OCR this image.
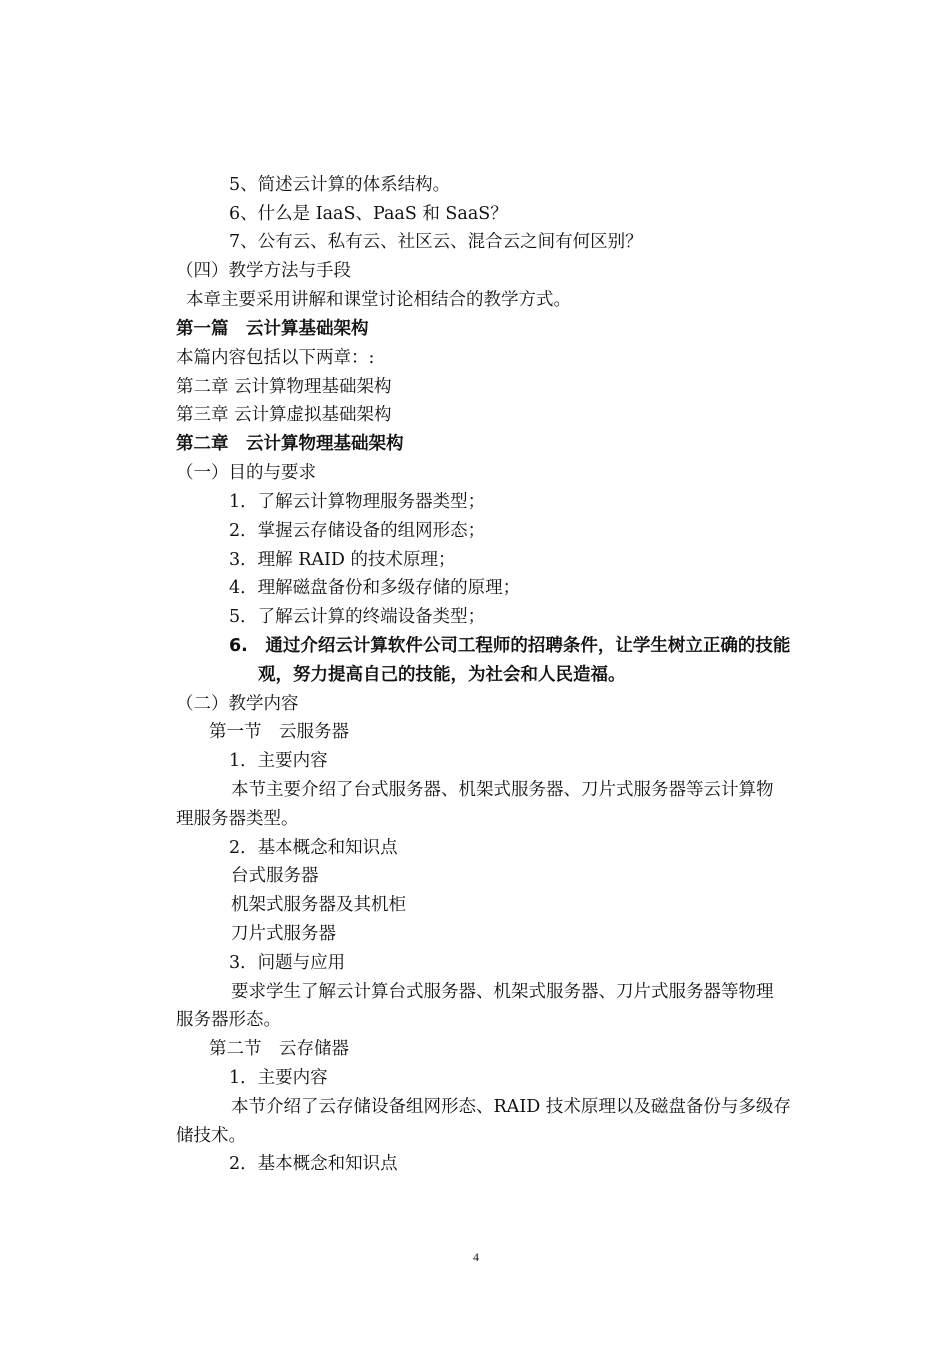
5、简述云计算的体系结构。
6、什么是 IaaS、PaaS 和 SaaS？
7、公有云、私有云、社区云、混合云之间有何区别？
（四）教学方法与手段
本章主要采用讲解和课堂讨论相结合的教学方式。
第一篇　云计算基础架构
本篇内容包括以下两章：:
第二章 云计算物理基础架构
第三章 云计算虚拟基础架构
第二章　云计算物理基础架构
（一）目的与要求
1．了解云计算物理服务器类型；
2．掌握云存储设备的组网形态；
3．理解 RAID 的技术原理；
4．理解磁盘备份和多级存储的原理；
5．了解云计算的终端设备类型；
6.　通过介绍云计算软件公司工程师的招聘条件，让学生树立正确的技能
观，努力提高自己的技能，为社会和人民造福。
（二）教学内容
第一节　云服务器
1．主要内容
本节主要介绍了台式服务器、机架式服务器、刀片式服务器等云计算物
理服务器类型。
2．基本概念和知识点
台式服务器
机架式服务器及其机柜
刀片式服务器
3．问题与应用
要求学生了解云计算台式服务器、机架式服务器、刀片式服务器等物理
服务器形态。
第二节　云存储器
1．主要内容
本节介绍了云存储设备组网形态、RAID 技术原理以及磁盘备份与多级存
储技术。
2．基本概念和知识点
4
